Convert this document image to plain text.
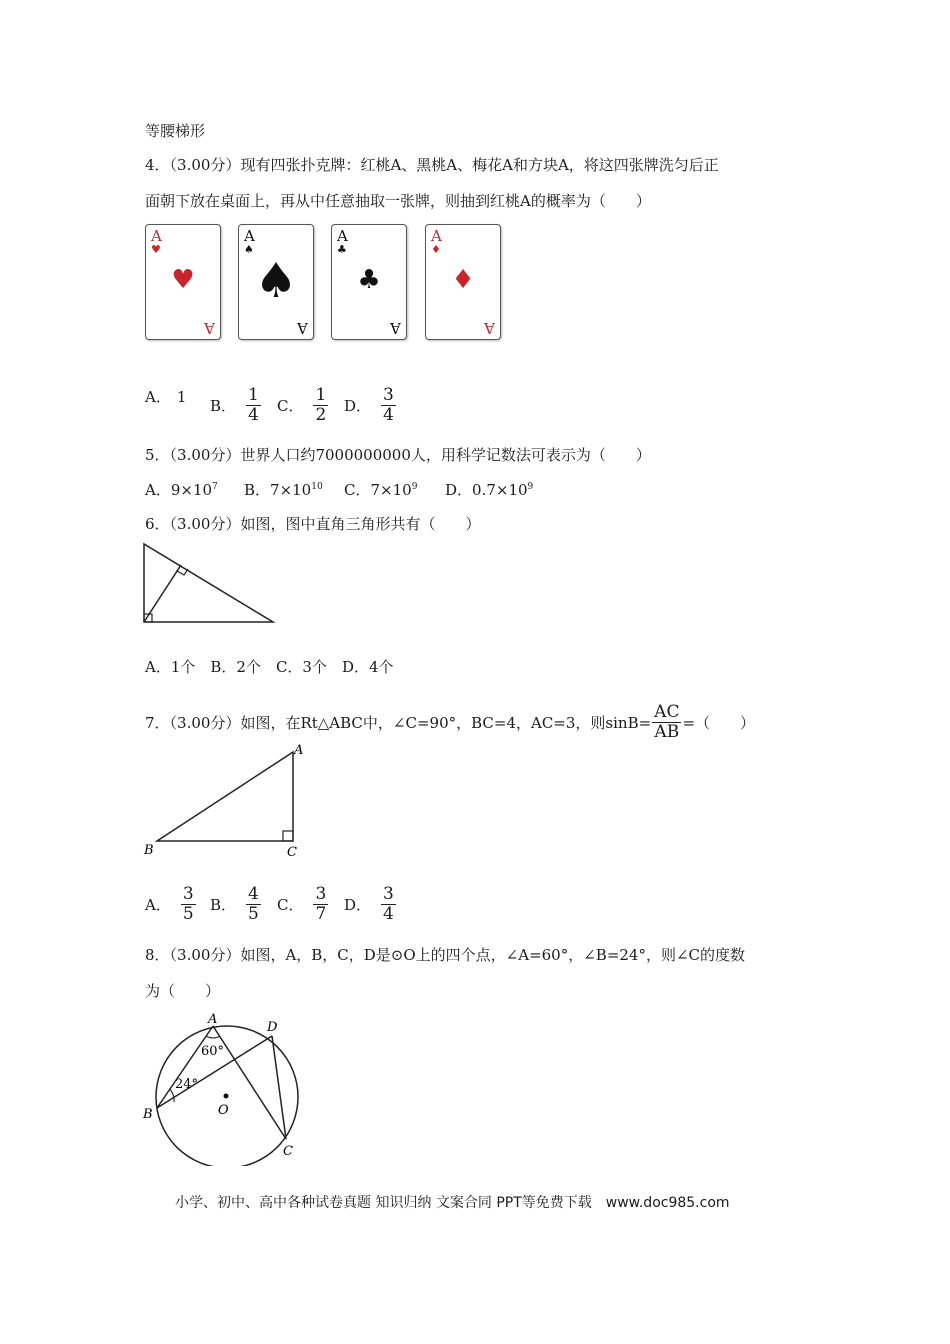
等腰梯形
4．（3.00分）现有四张扑克牌：红桃A、黑桃A、梅花A和方块A，将这四张牌洗匀后正
面朝下放在桌面上，再从中任意抽取一张牌，则抽到红桃A的概率为（　　）
A
♥
♥
A
A
♠
♠
A
A
♣
♣
A
A
♦
♦
A
A． 1
B． $\frac{1}{4}$ C． $\frac{1}{2}$ D． $\frac{3}{4}$
5．（3.00分）世界人口约7000000000人，用科学记数法可表示为（　　）
A．$9\times 10^7$ B．$7\times 10^{10}$ C．$7\times 10^9$ D．$0.7\times 10^9$
6．（3.00分）如图，图中直角三角形共有（　　）
A．1个　B．2个　C．3个　D．4个
7．（3.00分）如图，在Rt△ABC中，∠C=90°，BC=4，AC=3，则$\sin B= \frac{AC}{AB}$ =（　　）
A
B	C
A． $\frac{3}{5}$ B． $\frac{4}{5}$ C． $\frac{3}{7}$ D． $\frac{3}{4}$
8．（3.00分）如图，A，B，C，D是⊙O上的四个点，∠A=60°，∠B=24°，则∠C的度数
为（　　）
A
B
C
D
O
60°
24°
小学、初中、高中各种试卷真题 知识归纳 文案合同 PPT等免费下载　www.doc985.com
